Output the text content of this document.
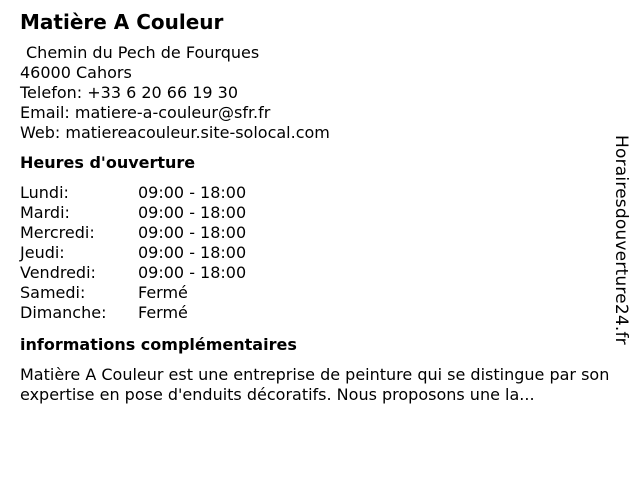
Matière A Couleur
Chemin du Pech de Fourques
46000 Cahors
Telefon: +33 6 20 66 19 30
Email: matiere-a-couleur@sfr.fr
Web: matiereacouleur.site-solocal.com
Heures d'ouverture
Lundi:	09:00 - 18:00
Mardi:	09:00 - 18:00
Mercredi:	09:00 - 18:00
Jeudi:	09:00 - 18:00
Vendredi:	09:00 - 18:00
Samedi:	Fermé
Dimanche:	Fermé
informations complémentaires

Matière A Couleur est une entreprise de peinture qui se distingue par son expertise en pose d'enduits décoratifs. Nous proposons une la...

Horairesdouverture24.fr
